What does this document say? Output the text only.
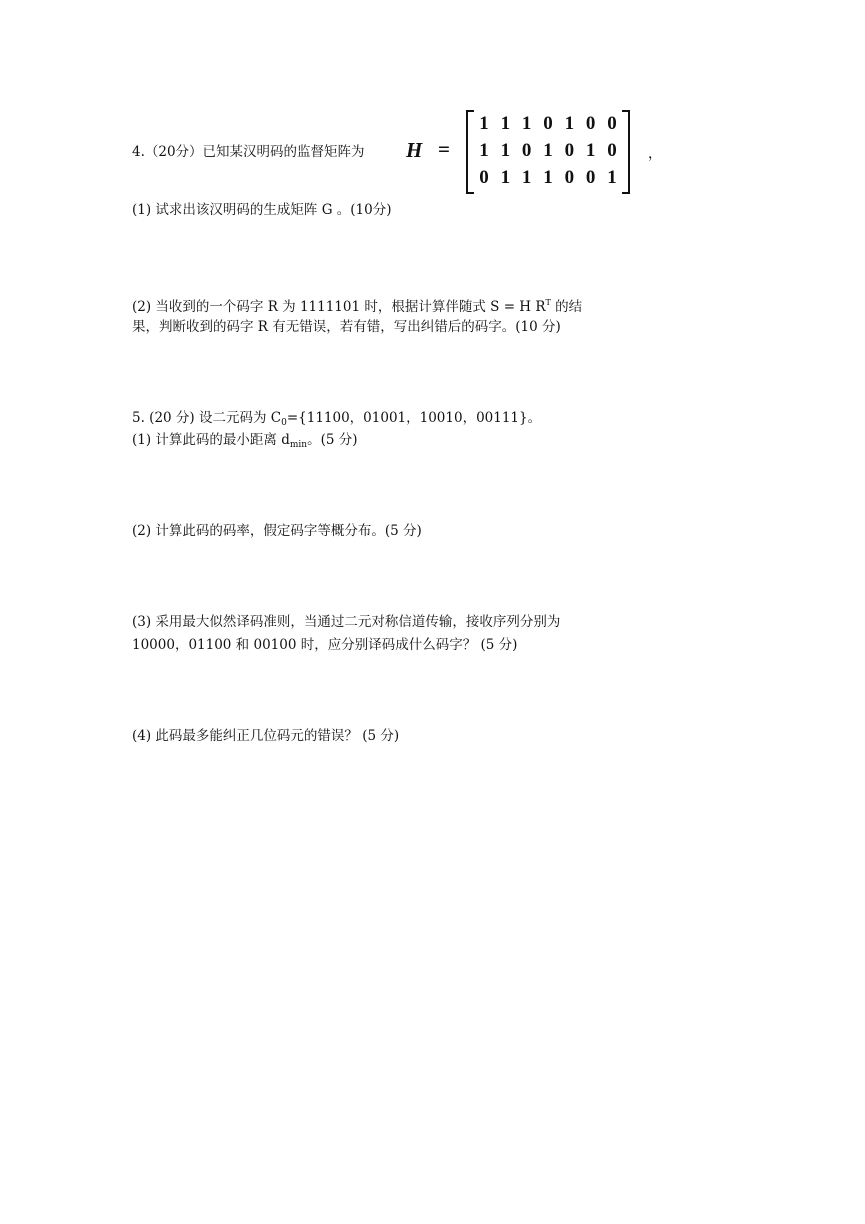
4.（20分）已知某汉明码的监督矩阵为 H =
1 1 1 0 1 0 0
1 1 0 1 0 1 0
0 1 1 1 0 0 1
，
(1) 试求出该汉明码的生成矩阵 G 。(10分)
(2) 当收到的一个码字 R 为 1111101 时，根据计算伴随式 S = H $R^T$ 的结
果，判断收到的码字 R 有无错误，若有错，写出纠错后的码字。(10 分)
5. (20 分) 设二元码为 $C_0=\{11100$，01001，10010，00111}。
(1) 计算此码的最小距离 $d_{min}$。(5 分)
(2) 计算此码的码率，假定码字等概分布。(5 分)
(3) 采用最大似然译码准则，当通过二元对称信道传输，接收序列分别为
10000，01100 和 00100 时，应分别译码成什么码字？ (5 分)
(4) 此码最多能纠正几位码元的错误？ (5 分)
